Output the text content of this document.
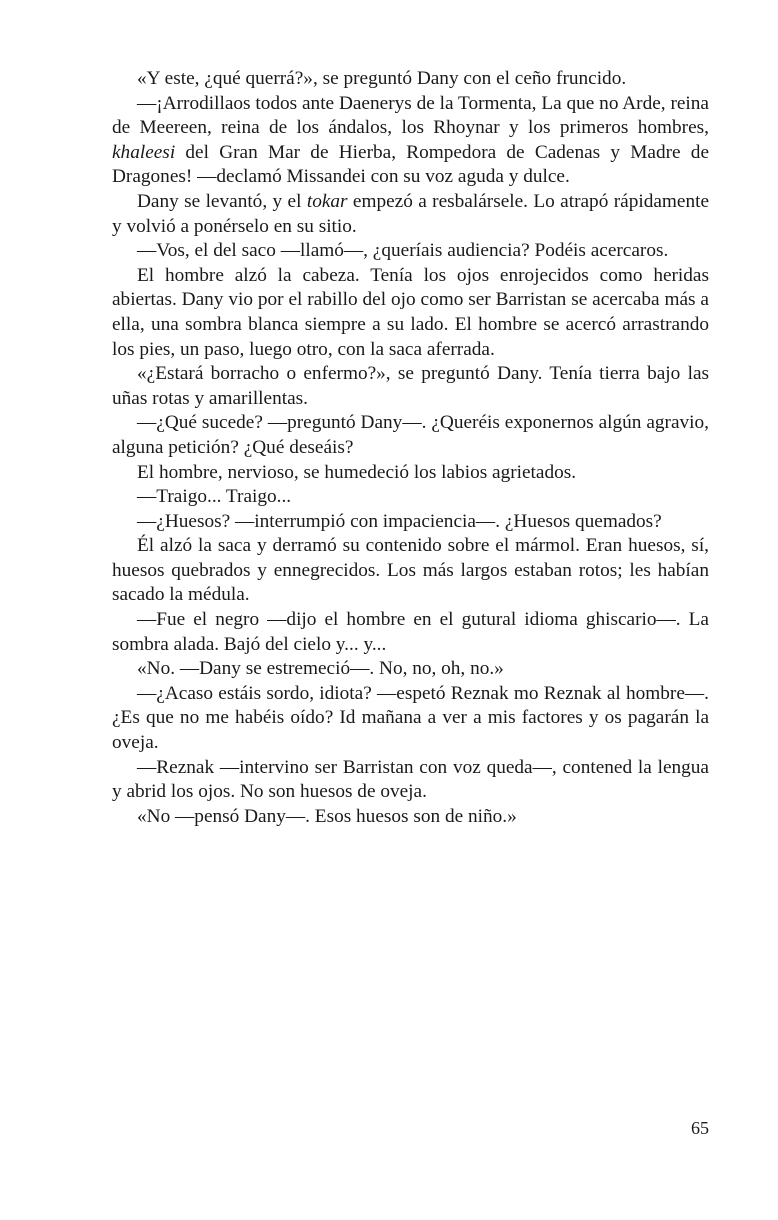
«Y este, ¿qué querrá?», se preguntó Dany con el ceño fruncido.

—¡Arrodillaos todos ante Daenerys de la Tormenta, La que no Arde, reina de Meereen, reina de los ándalos, los Rhoynar y los primeros hombres, khaleesi del Gran Mar de Hierba, Rompedora de Cadenas y Madre de Dragones! —declamó Missandei con su voz aguda y dulce.

Dany se levantó, y el tokar empezó a resbalársele. Lo atrapó rápidamente y volvió a ponérselo en su sitio.

—Vos, el del saco —llamó—, ¿queríais audiencia? Podéis acercaros.

El hombre alzó la cabeza. Tenía los ojos enrojecidos como heridas abiertas. Dany vio por el rabillo del ojo como ser Barristan se acercaba más a ella, una sombra blanca siempre a su lado. El hombre se acercó arrastrando los pies, un paso, luego otro, con la saca aferrada.

«¿Estará borracho o enfermo?», se preguntó Dany. Tenía tierra bajo las uñas rotas y amarillentas.

—¿Qué sucede? —preguntó Dany—. ¿Queréis exponernos algún agravio, alguna petición? ¿Qué deseáis?

El hombre, nervioso, se humedeció los labios agrietados.

—Traigo... Traigo...

—¿Huesos? —interrumpió con impaciencia—. ¿Huesos quemados?

Él alzó la saca y derramó su contenido sobre el mármol. Eran huesos, sí, huesos quebrados y ennegrecidos. Los más largos estaban rotos; les habían sacado la médula.

—Fue el negro —dijo el hombre en el gutural idioma ghiscario—. La sombra alada. Bajó del cielo y... y...

«No. —Dany se estremeció—. No, no, oh, no.»

—¿Acaso estáis sordo, idiota? —espetó Reznak mo Reznak al hombre—. ¿Es que no me habéis oído? Id mañana a ver a mis factores y os pagarán la oveja.

—Reznak —intervino ser Barristan con voz queda—, contened la lengua y abrid los ojos. No son huesos de oveja.

«No —pensó Dany—. Esos huesos son de niño.»

65
